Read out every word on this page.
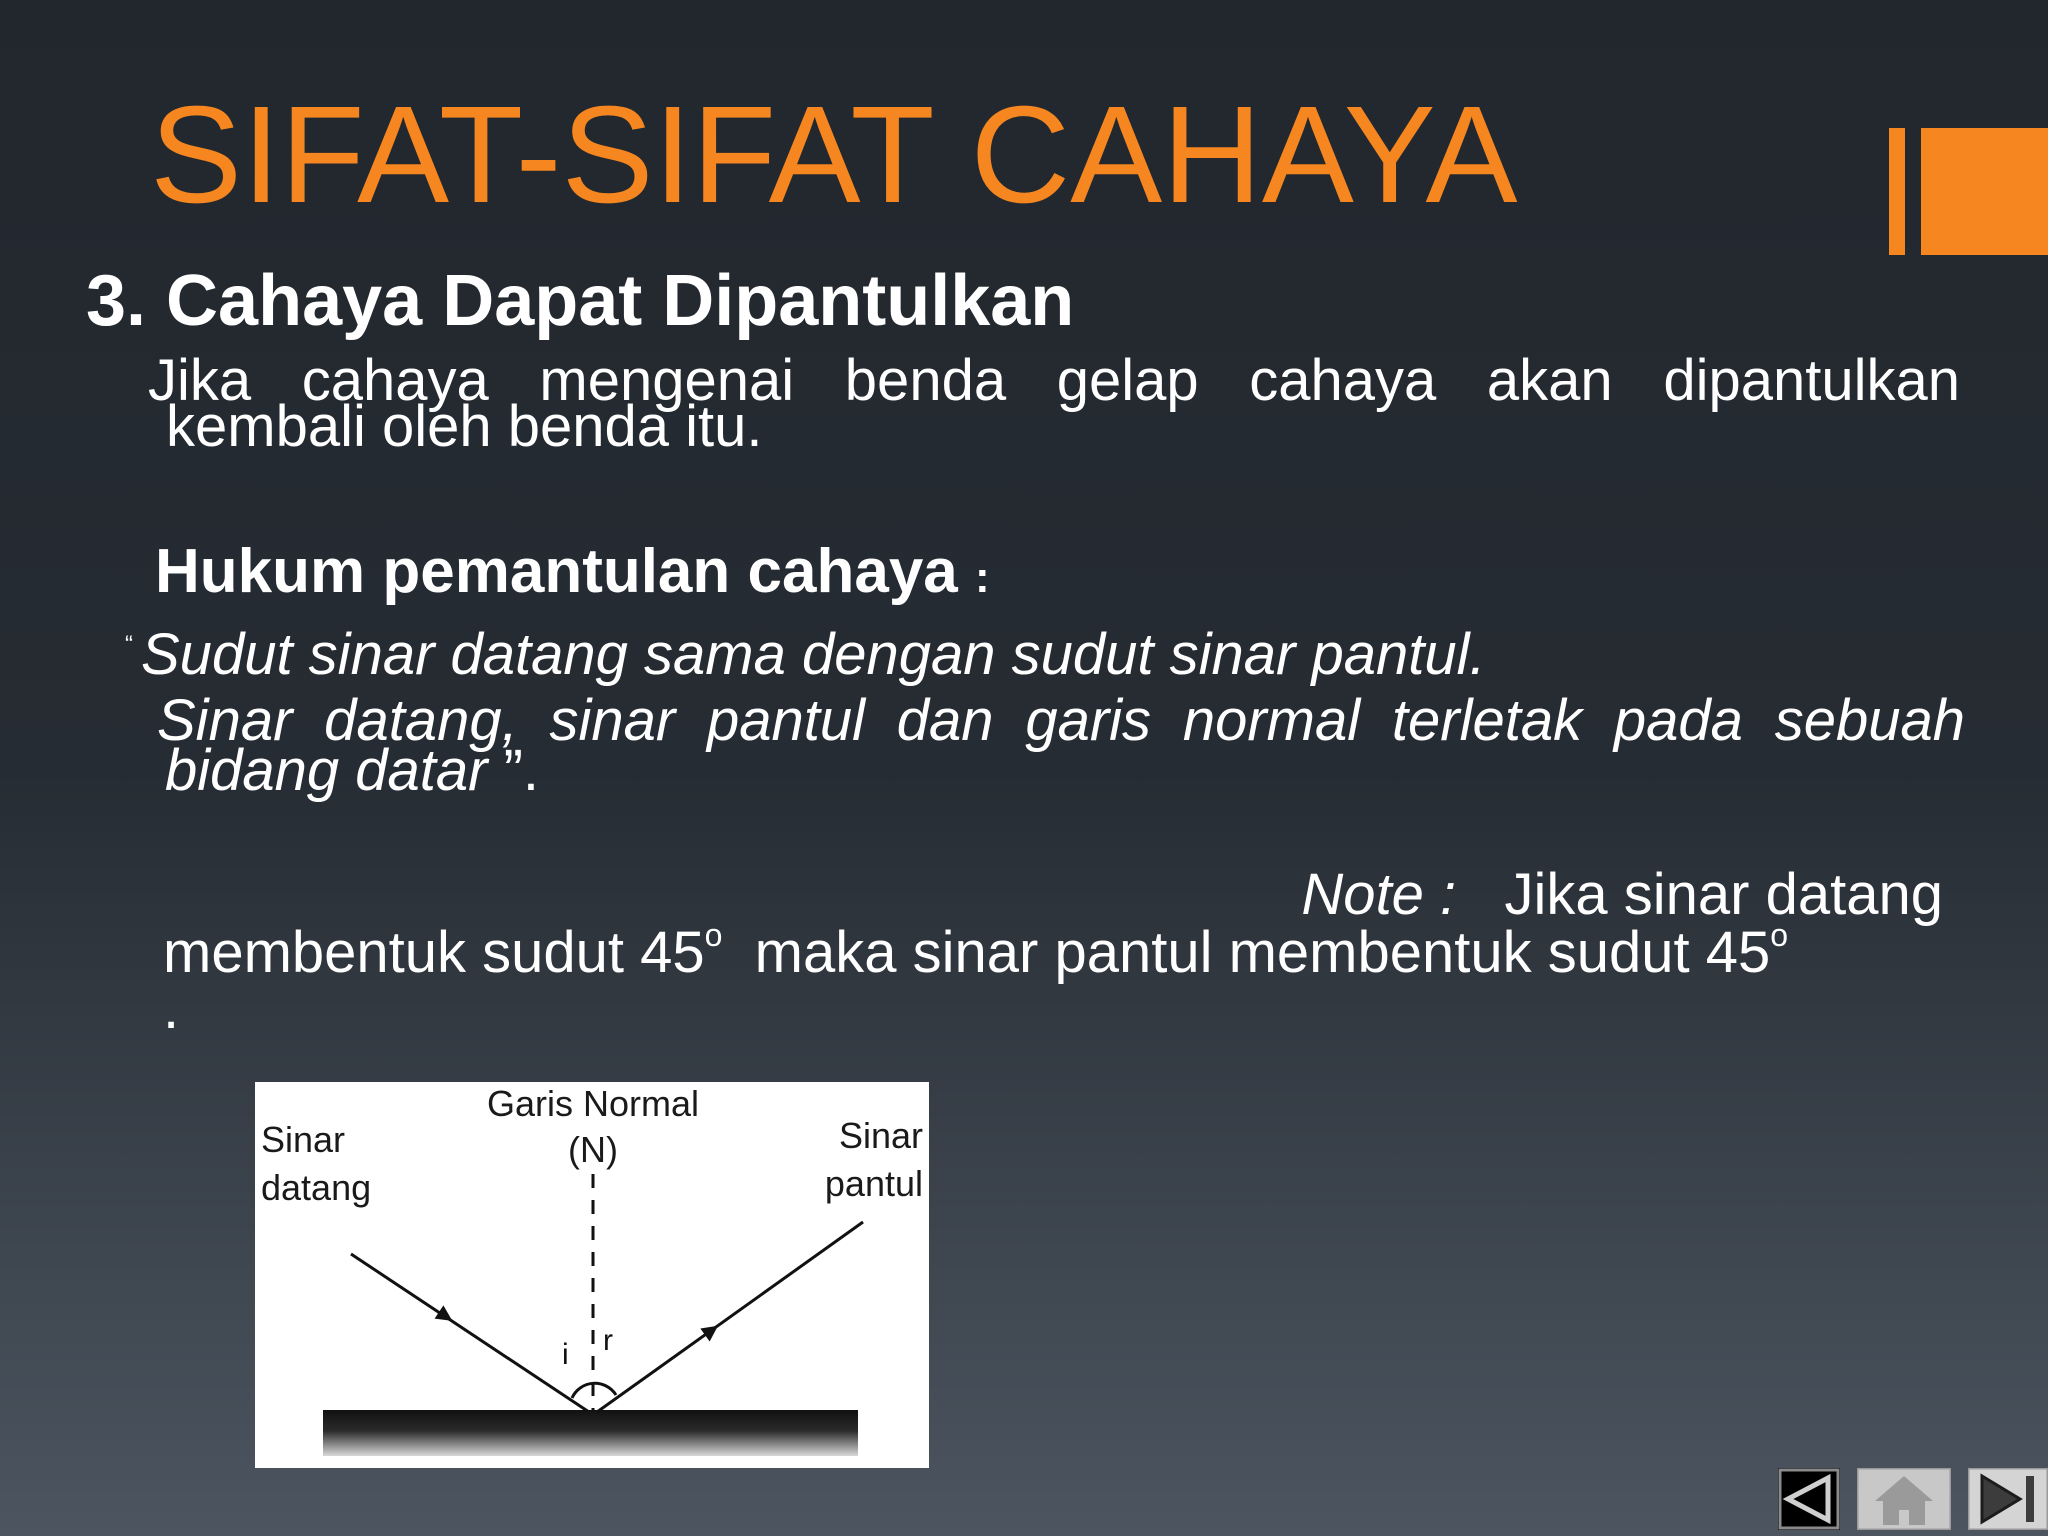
SIFAT-SIFAT CAHAYA
3. Cahaya Dapat Dipantulkan

Jika cahaya mengenai benda gelap cahaya akan dipantulkan
kembali oleh benda itu.

Hukum pemantulan cahaya :

“ Sudut sinar datang sama dengan sudut sinar pantul.
Sinar datang, sinar pantul dan garis normal terletak pada sebuah
bidang datar ”.
Note :   Jika sinar datang
membentuk sudut 45$^o$  maka sinar pantul membentuk sudut 45$^o$
.
i r
Garis Normal
(N)
Sinar
datang
Sinar
pantul
